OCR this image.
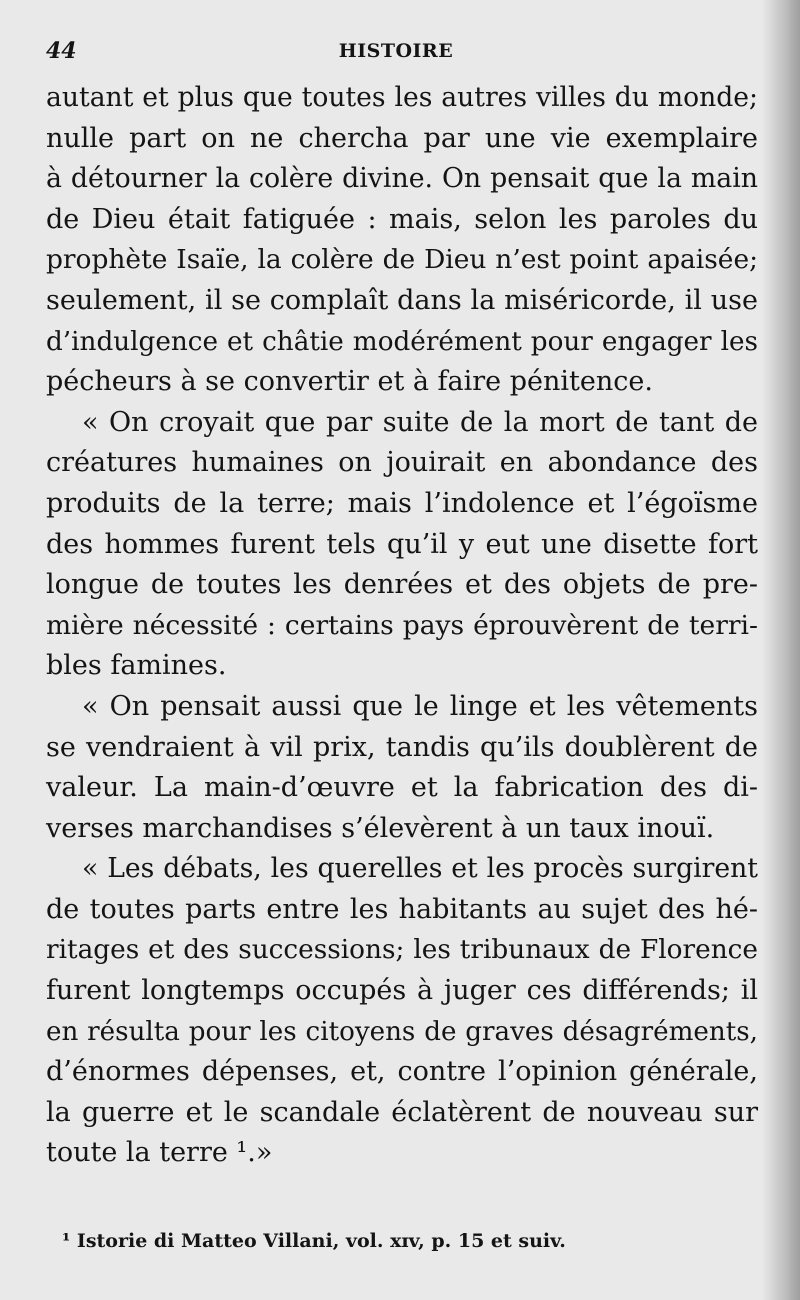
44	HISTOIRE
autant et plus que toutes les autres villes du monde;
nulle part on ne chercha par une vie exemplaire
à détourner la colère divine. On pensait que la main
de Dieu était fatiguée : mais, selon les paroles du
prophète Isaïe, la colère de Dieu n’est point apaisée;
seulement, il se complaît dans la miséricorde, il use
d’indulgence et châtie modérément pour engager les
pécheurs à se convertir et à faire pénitence.
« On croyait que par suite de la mort de tant de
créatures humaines on jouirait en abondance des
produits de la terre; mais l’indolence et l’égoïsme
des hommes furent tels qu’il y eut une disette fort
longue de toutes les denrées et des objets de pre-
mière nécessité : certains pays éprouvèrent de terri-
bles famines.
« On pensait aussi que le linge et les vêtements
se vendraient à vil prix, tandis qu’ils doublèrent de
valeur. La main-d’œuvre et la fabrication des di-
verses marchandises s’élevèrent à un taux inouï.
« Les débats, les querelles et les procès surgirent
de toutes parts entre les habitants au sujet des hé-
ritages et des successions; les tribunaux de Florence
furent longtemps occupés à juger ces différends; il
en résulta pour les citoyens de graves désagréments,
d’énormes dépenses, et, contre l’opinion générale,
la guerre et le scandale éclatèrent de nouveau sur
toute la terre ¹.»
¹ Istorie di Matteo Villani, vol. xɪv, p. 15 et suiv.
